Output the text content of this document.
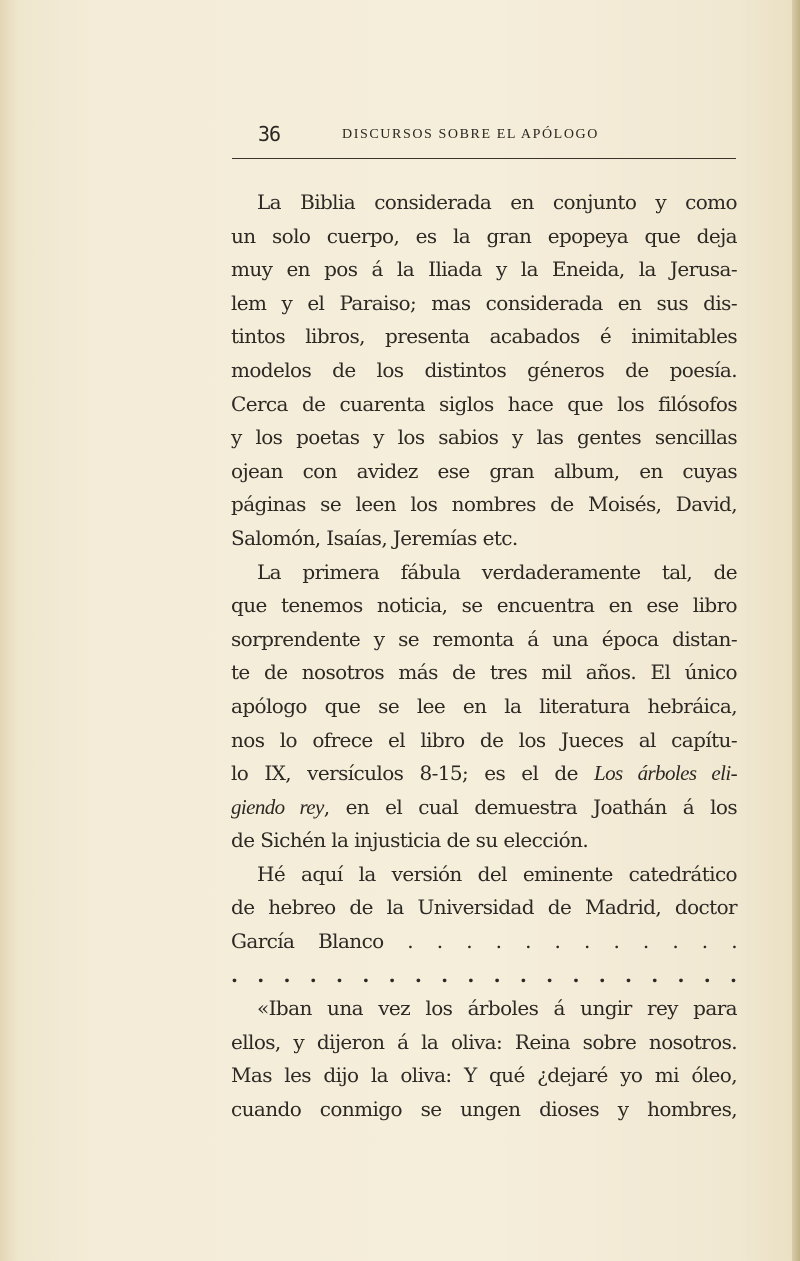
36	DISCURSOS SOBRE EL APÓLOGO
La Biblia considerada en conjunto y como
un solo cuerpo, es la gran epopeya que deja
muy en pos á la Iliada y la Eneida, la Jerusa-
lem y el Paraiso; mas considerada en sus dis-
tintos libros, presenta acabados é inimitables
modelos de los distintos géneros de poesía.
Cerca de cuarenta siglos hace que los filósofos
y los poetas y los sabios y las gentes sencillas
ojean con avidez ese gran album, en cuyas
páginas se leen los nombres de Moisés, David,
Salomón, Isaías, Jeremías etc.
La primera fábula verdaderamente tal, de
que tenemos noticia, se encuentra en ese libro
sorprendente y se remonta á una época distan-
te de nosotros más de tres mil años. El único
apólogo que se lee en la literatura hebráica,
nos lo ofrece el libro de los Jueces al capítu-
lo IX, versículos 8-15; es el de Los árboles eli-
giendo rey, en el cual demuestra Joathán á los
de Sichén la injusticia de su elección.
Hé aquí la versión del eminente catedrático
de hebreo de la Universidad de Madrid, doctor
García Blanco . . . . . . . . . . . .
. . . . . . . . . . . . . . . . . . . .
«Iban una vez los árboles á ungir rey para
ellos, y dijeron á la oliva: Reina sobre nosotros.
Mas les dijo la oliva: Y qué ¿dejaré yo mi óleo,
cuando conmigo se ungen dioses y hombres,
